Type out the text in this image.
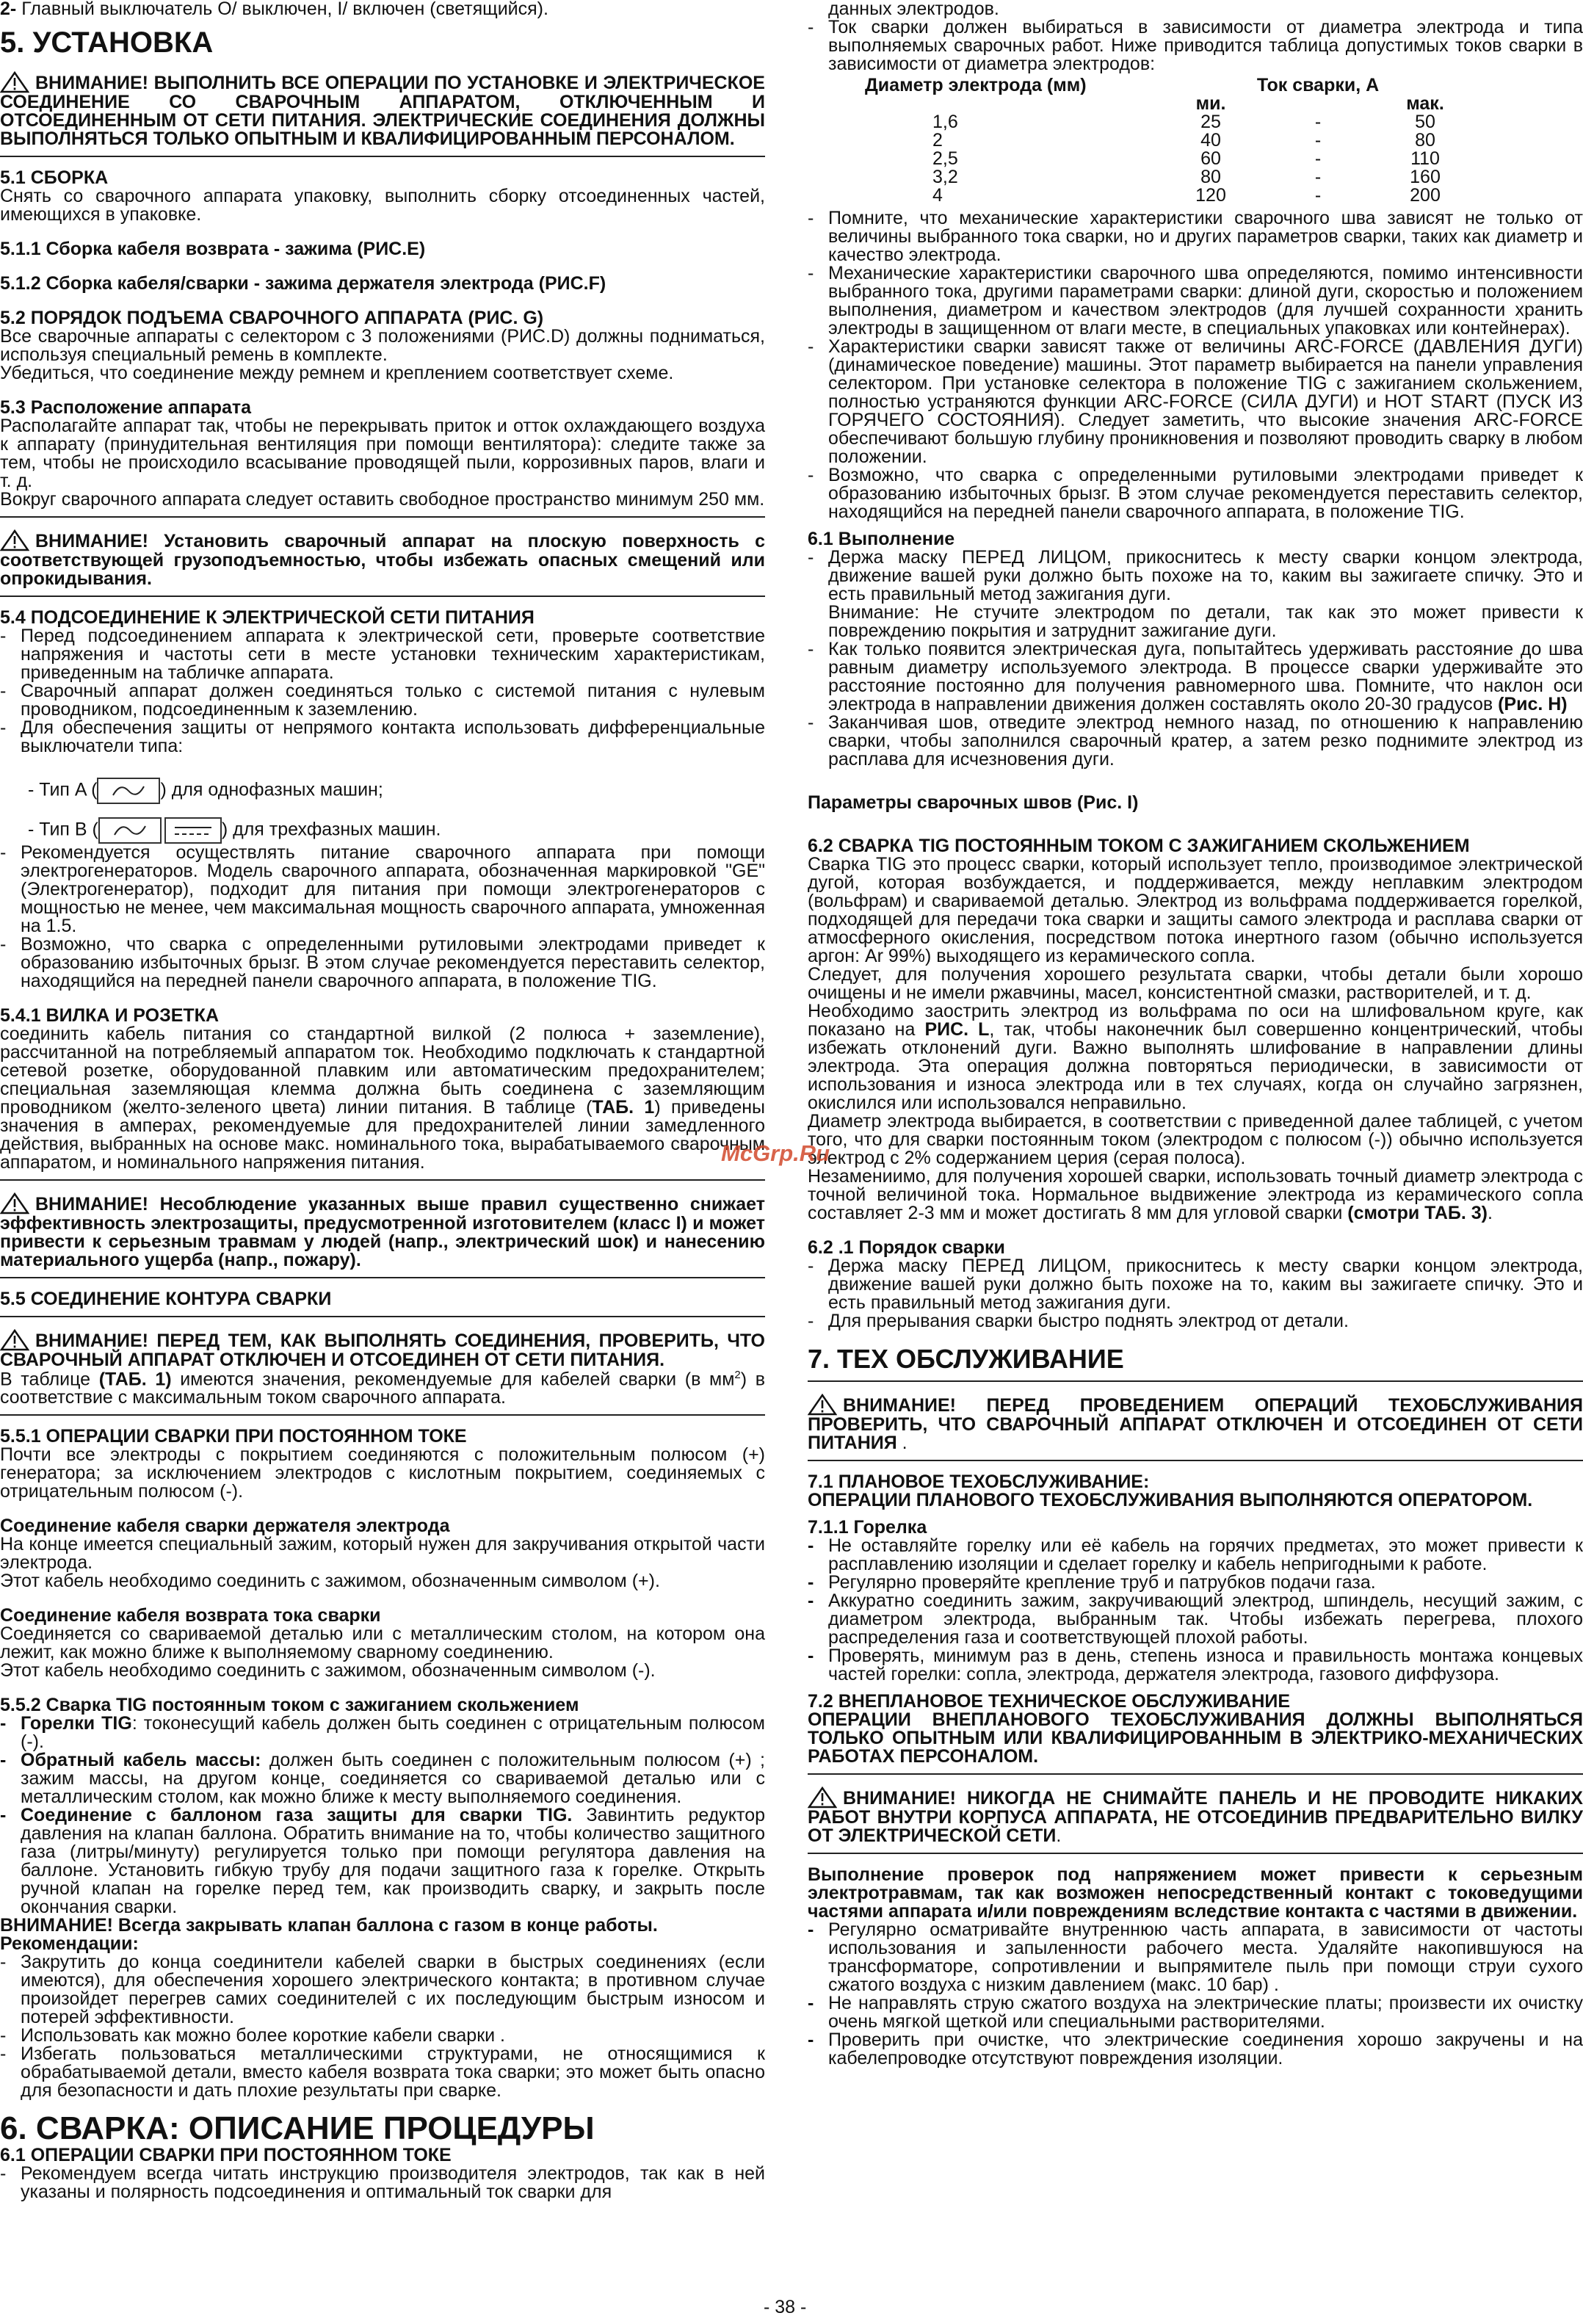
2- Главный выключатель О/ выключен, I/ включен (светящийся).

5. УСТАНОВКА

ВНИМАНИЕ! ВЫПОЛНИТЬ ВСЕ ОПЕРАЦИИ ПО УСТАНОВКЕ И ЭЛЕКТРИЧЕСКОЕ СОЕДИНЕНИЕ СО СВАРОЧНЫМ АППАРАТОМ, ОТКЛЮЧЕННЫМ И ОТСОЕДИНЕННЫМ ОТ СЕТИ ПИТАНИЯ. ЭЛЕКТРИЧЕСКИЕ СОЕДИНЕНИЯ ДОЛЖНЫ ВЫПОЛНЯТЬСЯ ТОЛЬКО ОПЫТНЫМ И КВАЛИФИЦИРОВАННЫМ ПЕРСОНАЛОМ.

5.1 СБОРКА

Снять со сварочного аппарата упаковку, выполнить сборку отсоединенных частей, имеющихся в упаковке.

5.1.1 Сборка кабеля возврата - зажима (РИС.E)
5.1.2 Сборка кабеля/сварки - зажима держателя электрода (РИС.F)
5.2 ПОРЯДОК ПОДЪЕМА СВАРОЧНОГО АППАРАТА (РИС. G)

Все сварочные аппараты с селектором с 3 положениями (РИС.D) должны подниматься, используя специальный ремень в комплекте.

Убедиться, что соединение между ремнем и креплением соответствует схеме.

5.3 Расположение аппарата

Располагайте аппарат так, чтобы не перекрывать приток и отток охлаждающего воздуха к аппарату (принудительная вентиляция при помощи вентилятора): следите также за тем, чтобы не происходило всасывание проводящей пыли, коррозивных паров, влаги и т. д.

Вокруг сварочного аппарата следует оставить свободное пространство минимум 250 мм.

ВНИМАНИЕ! Установить сварочный аппарат на плоскую поверхность с соответствующей грузоподъемностью, чтобы избежать опасных смещений или опрокидывания.

5.4 ПОДСОЕДИНЕНИЕ К ЭЛЕКТРИЧЕСКОЙ СЕТИ ПИТАНИЯ
- Перед подсоединением аппарата к электрической сети, проверьте соответствие напряжения и частоты сети в месте установки техническим характеристикам, приведенным на табличке аппарата.
- Сварочный аппарат должен соединяться только с системой питания с нулевым проводником, подсоединенным к заземлению.
- Для обеспечения защиты от непрямого контакта использовать дифференциальные выключатели типа:

- Тип A (	) для однофазных машин;

- Тип B (	) для трехфазных машин.

- Рекомендуется осуществлять питание сварочного аппарата при помощи электрогенераторов. Модель сварочного аппарата, обозначенная маркировкой "GE" (Электрогенератор), подходит для питания при помощи электрогенераторов с мощностью не менее, чем максимальная мощность сварочного аппарата, умноженная на 1.5.
- Возможно, что сварка с определенными рутиловыми электродами приведет к образованию избыточных брызг. В этом случае рекомендуется переставить селектор, находящийся на передней панели сварочного аппарата, в положение TIG.
5.4.1 ВИЛКА И РОЗЕТКА

соединить кабель питания со стандартной вилкой (2 полюса + заземление), рассчитанной на потребляемый аппаратом ток. Необходимо подключать к стандартной сетевой розетке, оборудованной плавким или автоматическим предохранителем; специальная заземляющая клемма должна быть соединена с заземляющим проводником (желто-зеленого цвета) линии питания. В таблице (ТАБ. 1) приведены значения в амперах, рекомендуемые для предохранителей линии замедленного действия, выбранных на основе макс. номинального тока, вырабатываемого сварочным аппаратом, и номинального напряжения питания.

ВНИМАНИЕ! Несоблюдение указанных выше правил существенно снижает эффективность электрозащиты, предусмотренной изготовителем (класс I) и может привести к серьезным травмам у людей (напр., электрический шок) и нанесению материального ущерба (напр., пожару).

5.5 СОЕДИНЕНИЕ КОНТУРА СВАРКИ

ВНИМАНИЕ! ПЕРЕД ТЕМ, КАК ВЫПОЛНЯТЬ СОЕДИНЕНИЯ, ПРОВЕРИТЬ, ЧТО СВАРОЧНЫЙ АППАРАТ ОТКЛЮЧЕН И ОТСОЕДИНЕН ОТ СЕТИ ПИТАНИЯ.

В таблице (ТАБ. 1) имеются значения, рекомендуемые для кабелей сварки (в $мм^2$) в соответствие с максимальным током сварочного аппарата.

5.5.1 ОПЕРАЦИИ СВАРКИ ПРИ ПОСТОЯННОМ ТОКЕ

Почти все электроды с покрытием соединяются с положительным полюсом (+) генератора; за исключением электродов с кислотным покрытием, соединяемых с отрицательным полюсом (-).

Соединение кабеля сварки держателя электрода

На конце имеется специальный зажим, который нужен для закручивания открытой части электрода.

Этот кабель необходимо соединить с зажимом, обозначенным символом (+).

Соединение кабеля возврата тока сварки

Соединяется со свариваемой деталью или с металлическим столом, на котором она лежит, как можно ближе к выполняемому сварному соединению.

Этот кабель необходимо соединить с зажимом, обозначенным символом (-).

5.5.2 Сварка TIG постоянным током с зажиганием скольжением
- Горелки TIG: токонесущий кабель должен быть соединен с отрицательным полюсом (-).
- Обратный кабель массы: должен быть соединен с положительным полюсом (+) ; зажим массы, на другом конце, соединяется со свариваемой деталью или с металлическим столом, как можно ближе к месту выполняемого соединения.
- Соединение с баллоном газа защиты для сварки TIG. Завинтить редуктор давления на клапан баллона. Обратить внимание на то, чтобы количество защитного газа (литры/минуту) регулируется только при помощи регулятора давления на баллоне. Установить гибкую трубу для подачи защитного газа к горелке. Открыть ручной клапан на горелке перед тем, как производить сварку, и закрыть после окончания сварки.
ВНИМАНИЕ! Всегда закрывать клапан баллона с газом в конце работы.
Рекомендации:
- Закрутить до конца соединители кабелей сварки в быстрых соединениях (если имеются), для обеспечения хорошего электрического контакта; в противном случае произойдет перегрев самих соединителей с их последующим быстрым износом и потерей эффективности.
- Использовать как можно более короткие кабели сварки .
- Избегать пользоваться металлическими структурами, не относящимися к обрабатываемой детали, вместо кабеля возврата тока сварки; это может быть опасно для безопасности и дать плохие результаты при сварке.
6. СВАРКА: ОПИСАНИЕ ПРОЦЕДУРЫ
6.1 ОПЕРАЦИИ СВАРКИ ПРИ ПОСТОЯННОМ ТОКЕ
- Рекомендуем всегда читать инструкцию производителя электродов, так как в ней указаны и полярность подсоединения и оптимальный ток сварки для

данных электродов.

- Ток сварки должен выбираться в зависимости от диаметра электрода и типа выполняемых сварочных работ. Ниже приводится таблица допустимых токов сварки в зависимости от диаметра электродов:
Диаметр электрода (мм)	Ток сварки, A		
	ми.		мак.
1,6	25	-	50
2	40	-	80
2,5	60	-	110
3,2	80	-	160
4	120	-	200
- Помните, что механические характеристики сварочного шва зависят не только от величины выбранного тока сварки, но и других параметров сварки, таких как диаметр и качество электрода.
- Механические характеристики сварочного шва определяются, помимо интенсивности выбранного тока, другими параметрами сварки: длиной дуги, скоростью и положением выполнения, диаметром и качеством электродов (для лучшей сохранности хранить электроды в защищенном от влаги месте, в специальных упаковках или контейнерах).
- Характеристики сварки зависят также от величины ARC-FORCE (ДАВЛЕНИЯ ДУГИ) (динамическое поведение) машины. Этот параметр выбирается на панели управления селектором. При установке селектора в положение TIG с зажиганием скольжением, полностью устраняются функции ARC-FORCE (СИЛА ДУГИ) и HOT START (ПУСК ИЗ ГОРЯЧЕГО СОСТОЯНИЯ). Следует заметить, что высокие значения ARC-FORCE обеспечивают большую глубину проникновения и позволяют проводить сварку в любом положении.
- Возможно, что сварка с определенными рутиловыми электродами приведет к образованию избыточных брызг. В этом случае рекомендуется переставить селектор, находящийся на передней панели сварочного аппарата, в положение TIG.
6.1 Выполнение
- Держа маску ПЕРЕД ЛИЦОМ, прикоснитесь к месту сварки концом электрода, движение вашей руки должно быть похоже на то, каким вы зажигаете спичку. Это и есть правильный метод зажигания дуги.

Внимание: Не стучите электродом по детали, так как это может привести к повреждению покрытия и затруднит зажигание дуги.

- Как только появится электрическая дуга, попытайтесь удерживать расстояние до шва равным диаметру используемого электрода. В процессе сварки удерживайте это расстояние постоянно для получения равномерного шва. Помните, что наклон оси электрода в направлении движения должен составлять около 20-30 градусов (Рис. H)
- Заканчивая шов, отведите электрод немного назад, по отношению к направлению сварки, чтобы заполнился сварочный кратер, а затем резко поднимите электрод из расплава для исчезновения дуги.
Параметры сварочных швов (Рис. I)
6.2 СВАРКА TIG ПОСТОЯННЫМ ТОКОМ С ЗАЖИГАНИЕМ СКОЛЬЖЕНИЕМ

Сварка TIG это процесс сварки, который использует тепло, производимое электрической дугой, которая возбуждается, и поддерживается, между неплавким электродом (вольфрам) и свариваемой деталью. Электрод из вольфрама поддерживается горелкой, подходящей для передачи тока сварки и защиты самого электрода и расплава сварки от атмосферного окисления, посредством потока инертного газом (обычно используется аргон: Ar 99%) выходящего из керамического сопла.

Следует, для получения хорошего результата сварки, чтобы детали были хорошо очищены и не имели ржавчины, масел, консистентной смазки, растворителей, и т. д.

Необходимо заострить электрод из вольфрама по оси на шлифовальном круге, как показано на РИС. L, так, чтобы наконечник был совершенно концентрический, чтобы избежать отклонений дуги. Важно выполнять шлифование в направлении длины электрода. Эта операция должна повторяться периодически, в зависимости от использования и износа электрода или в тех случаях, когда он случайно загрязнен, окислился или использовался неправильно.

Диаметр электрода выбирается, в соответствии с приведенной далее таблицей, с учетом того, что для сварки постоянным током (электродом с полюсом (-)) обычно используется электрод с 2% содержанием церия (серая полоса).

Незамениимо, для получения хорошей сварки, использовать точный диаметр электрода с точной величиной тока. Нормальное выдвижение электрода из керамического сопла составляет 2-3 мм и может достигать 8 мм для угловой сварки (смотри ТАБ. 3).

6.2 .1 Порядок сварки
- Держа маску ПЕРЕД ЛИЦОМ, прикоснитесь к месту сварки концом электрода, движение вашей руки должно быть похоже на то, каким вы зажигаете спичку. Это и есть правильный метод зажигания дуги.
- Для прерывания сварки быстро поднять электрод от детали.
7. ТЕХ ОБСЛУЖИВАНИЕ

ВНИМАНИЕ! ПЕРЕД ПРОВЕДЕНИЕМ ОПЕРАЦИЙ ТЕХОБСЛУЖИВАНИЯ ПРОВЕРИТЬ, ЧТО СВАРОЧНЫЙ АППАРАТ ОТКЛЮЧЕН И ОТСОЕДИНЕН ОТ СЕТИ ПИТАНИЯ .

7.1 ПЛАНОВОЕ ТЕХОБСЛУЖИВАНИЕ:

ОПЕРАЦИИ ПЛАНОВОГО ТЕХОБСЛУЖИВАНИЯ ВЫПОЛНЯЮТСЯ ОПЕРАТОРОМ.

7.1.1 Горелка
- Не оставляйте горелку или её кабель на горячих предметах, это может привести к расплавлению изоляции и сделает горелку и кабель непригодными к работе.
- Регулярно проверяйте крепление труб и патрубков подачи газа.
- Аккуратно соединить зажим, закручивающий электрод, шпиндель, несущий зажим, с диаметром электрода, выбранным так. Чтобы избежать перегрева, плохого распределения газа и соответствующей плохой работы.
- Проверять, минимум раз в день, степень износа и правильность монтажа концевых частей горелки: сопла, электрода, держателя электрода, газового диффузора.
7.2 ВНЕПЛАНОВОЕ ТЕХНИЧЕСКОЕ ОБСЛУЖИВАНИЕ

ОПЕРАЦИИ ВНЕПЛАНОВОГО ТЕХОБСЛУЖИВАНИЯ ДОЛЖНЫ ВЫПОЛНЯТЬСЯ ТОЛЬКО ОПЫТНЫМ ИЛИ КВАЛИФИЦИРОВАННЫМ В ЭЛЕКТРИКО-МЕХАНИЧЕСКИХ РАБОТАХ ПЕРСОНАЛОМ.

ВНИМАНИЕ! НИКОГДА НЕ СНИМАЙТЕ ПАНЕЛЬ И НЕ ПРОВОДИТЕ НИКАКИХ РАБОТ ВНУТРИ КОРПУСА АППАРАТА, НЕ ОТСОЕДИНИВ ПРЕДВАРИТЕЛЬНО ВИЛКУ ОТ ЭЛЕКТРИЧЕСКОЙ СЕТИ.

Выполнение проверок под напряжением может привести к серьезным электротравмам, так как возможен непосредственный контакт с токоведущими частями аппарата и/или повреждениям вследствие контакта с частями в движении.

- Регулярно осматривайте внутреннюю часть аппарата, в зависимости от частоты использования и запыленности рабочего места. Удаляйте накопившуюся на трансформаторе, сопротивлении и выпрямителе пыль при помощи струи сухого сжатого воздуха с низким давлением (макс. 10 бар) .
- Не направлять струю сжатого воздуха на электрические платы; произвести их очистку очень мягкой щеткой или специальными растворителями.
- Проверить при очистке, что электрические соединения хорошо закручены и на кабелепроводке отсутствуют повреждения изоляции.
McGrp.Ru
- 38 -
